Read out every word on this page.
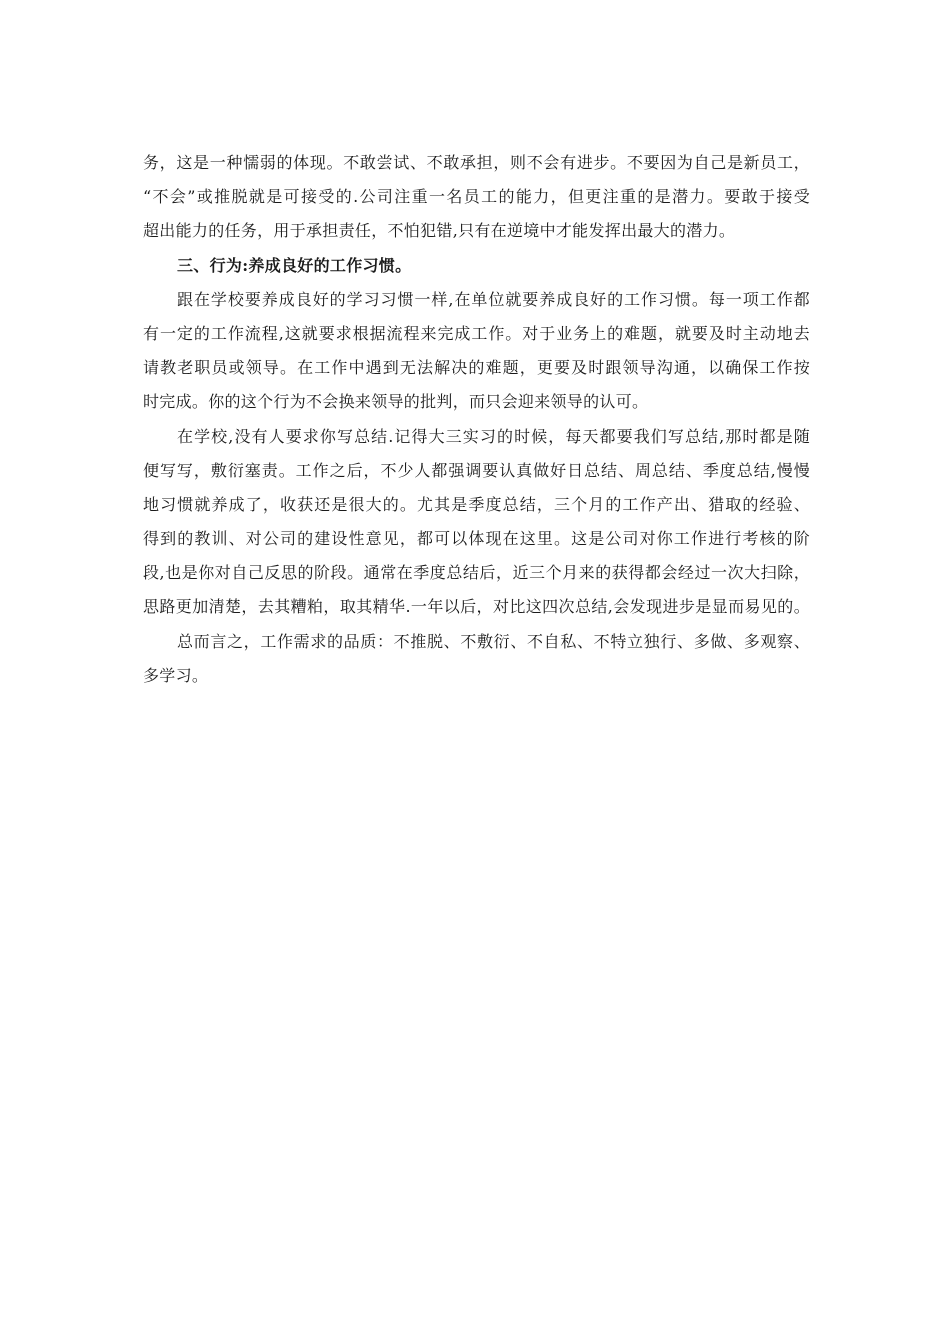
务，这是一种懦弱的体现。不敢尝试、不敢承担，则不会有进步。不要因为自己是新员工，
“不会”或推脱就是可接受的.公司注重一名员工的能力，但更注重的是潜力。要敢于接受
超出能力的任务，用于承担责任，不怕犯错,只有在逆境中才能发挥出最大的潜力。
三、行为:养成良好的工作习惯。
跟在学校要养成良好的学习习惯一样,在单位就要养成良好的工作习惯。每一项工作都
有一定的工作流程,这就要求根据流程来完成工作。对于业务上的难题，就要及时主动地去
请教老职员或领导。在工作中遇到无法解决的难题，更要及时跟领导沟通，以确保工作按
时完成。你的这个行为不会换来领导的批判，而只会迎来领导的认可。
在学校,没有人要求你写总结.记得大三实习的时候，每天都要我们写总结,那时都是随
便写写，敷衍塞责。工作之后，不少人都强调要认真做好日总结、周总结、季度总结,慢慢
地习惯就养成了，收获还是很大的。尤其是季度总结，三个月的工作产出、猎取的经验、
得到的教训、对公司的建设性意见，都可以体现在这里。这是公司对你工作进行考核的阶
段,也是你对自己反思的阶段。通常在季度总结后，近三个月来的获得都会经过一次大扫除，
思路更加清楚，去其糟粕，取其精华.一年以后，对比这四次总结,会发现进步是显而易见的。
总而言之，工作需求的品质：不推脱、不敷衍、不自私、不特立独行、多做、多观察、
多学习。
